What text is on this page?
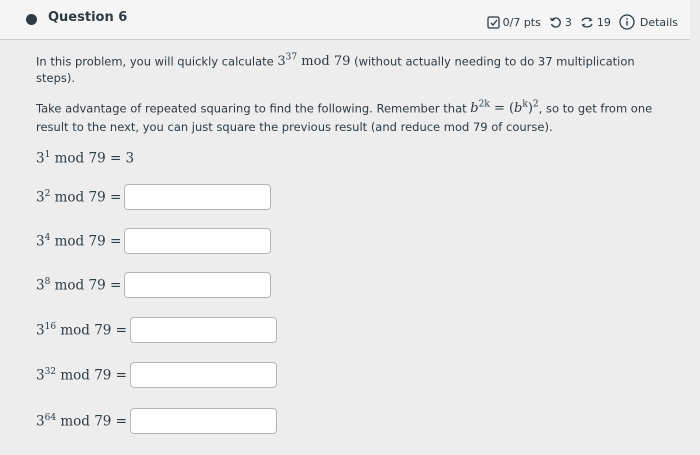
Question 6	0/7 pts 3 19	Details
In this problem, you will quickly calculate $3^{37}$ mod 79 (without actually needing to do 37 multiplication steps).
Take advantage of repeated squaring to find the following. Remember that $b^{2k} = (b^k)^2$, so to get from one result to the next, you can just square the previous result (and reduce mod 79 of course).
$3^1$ mod 79 = 3
$3^2$ mod 79 =
$3^4$ mod 79 =
$3^8$ mod 79 =
$3^{16}$ mod 79 =
$3^{32}$ mod 79 =
$3^{64}$ mod 79 =
